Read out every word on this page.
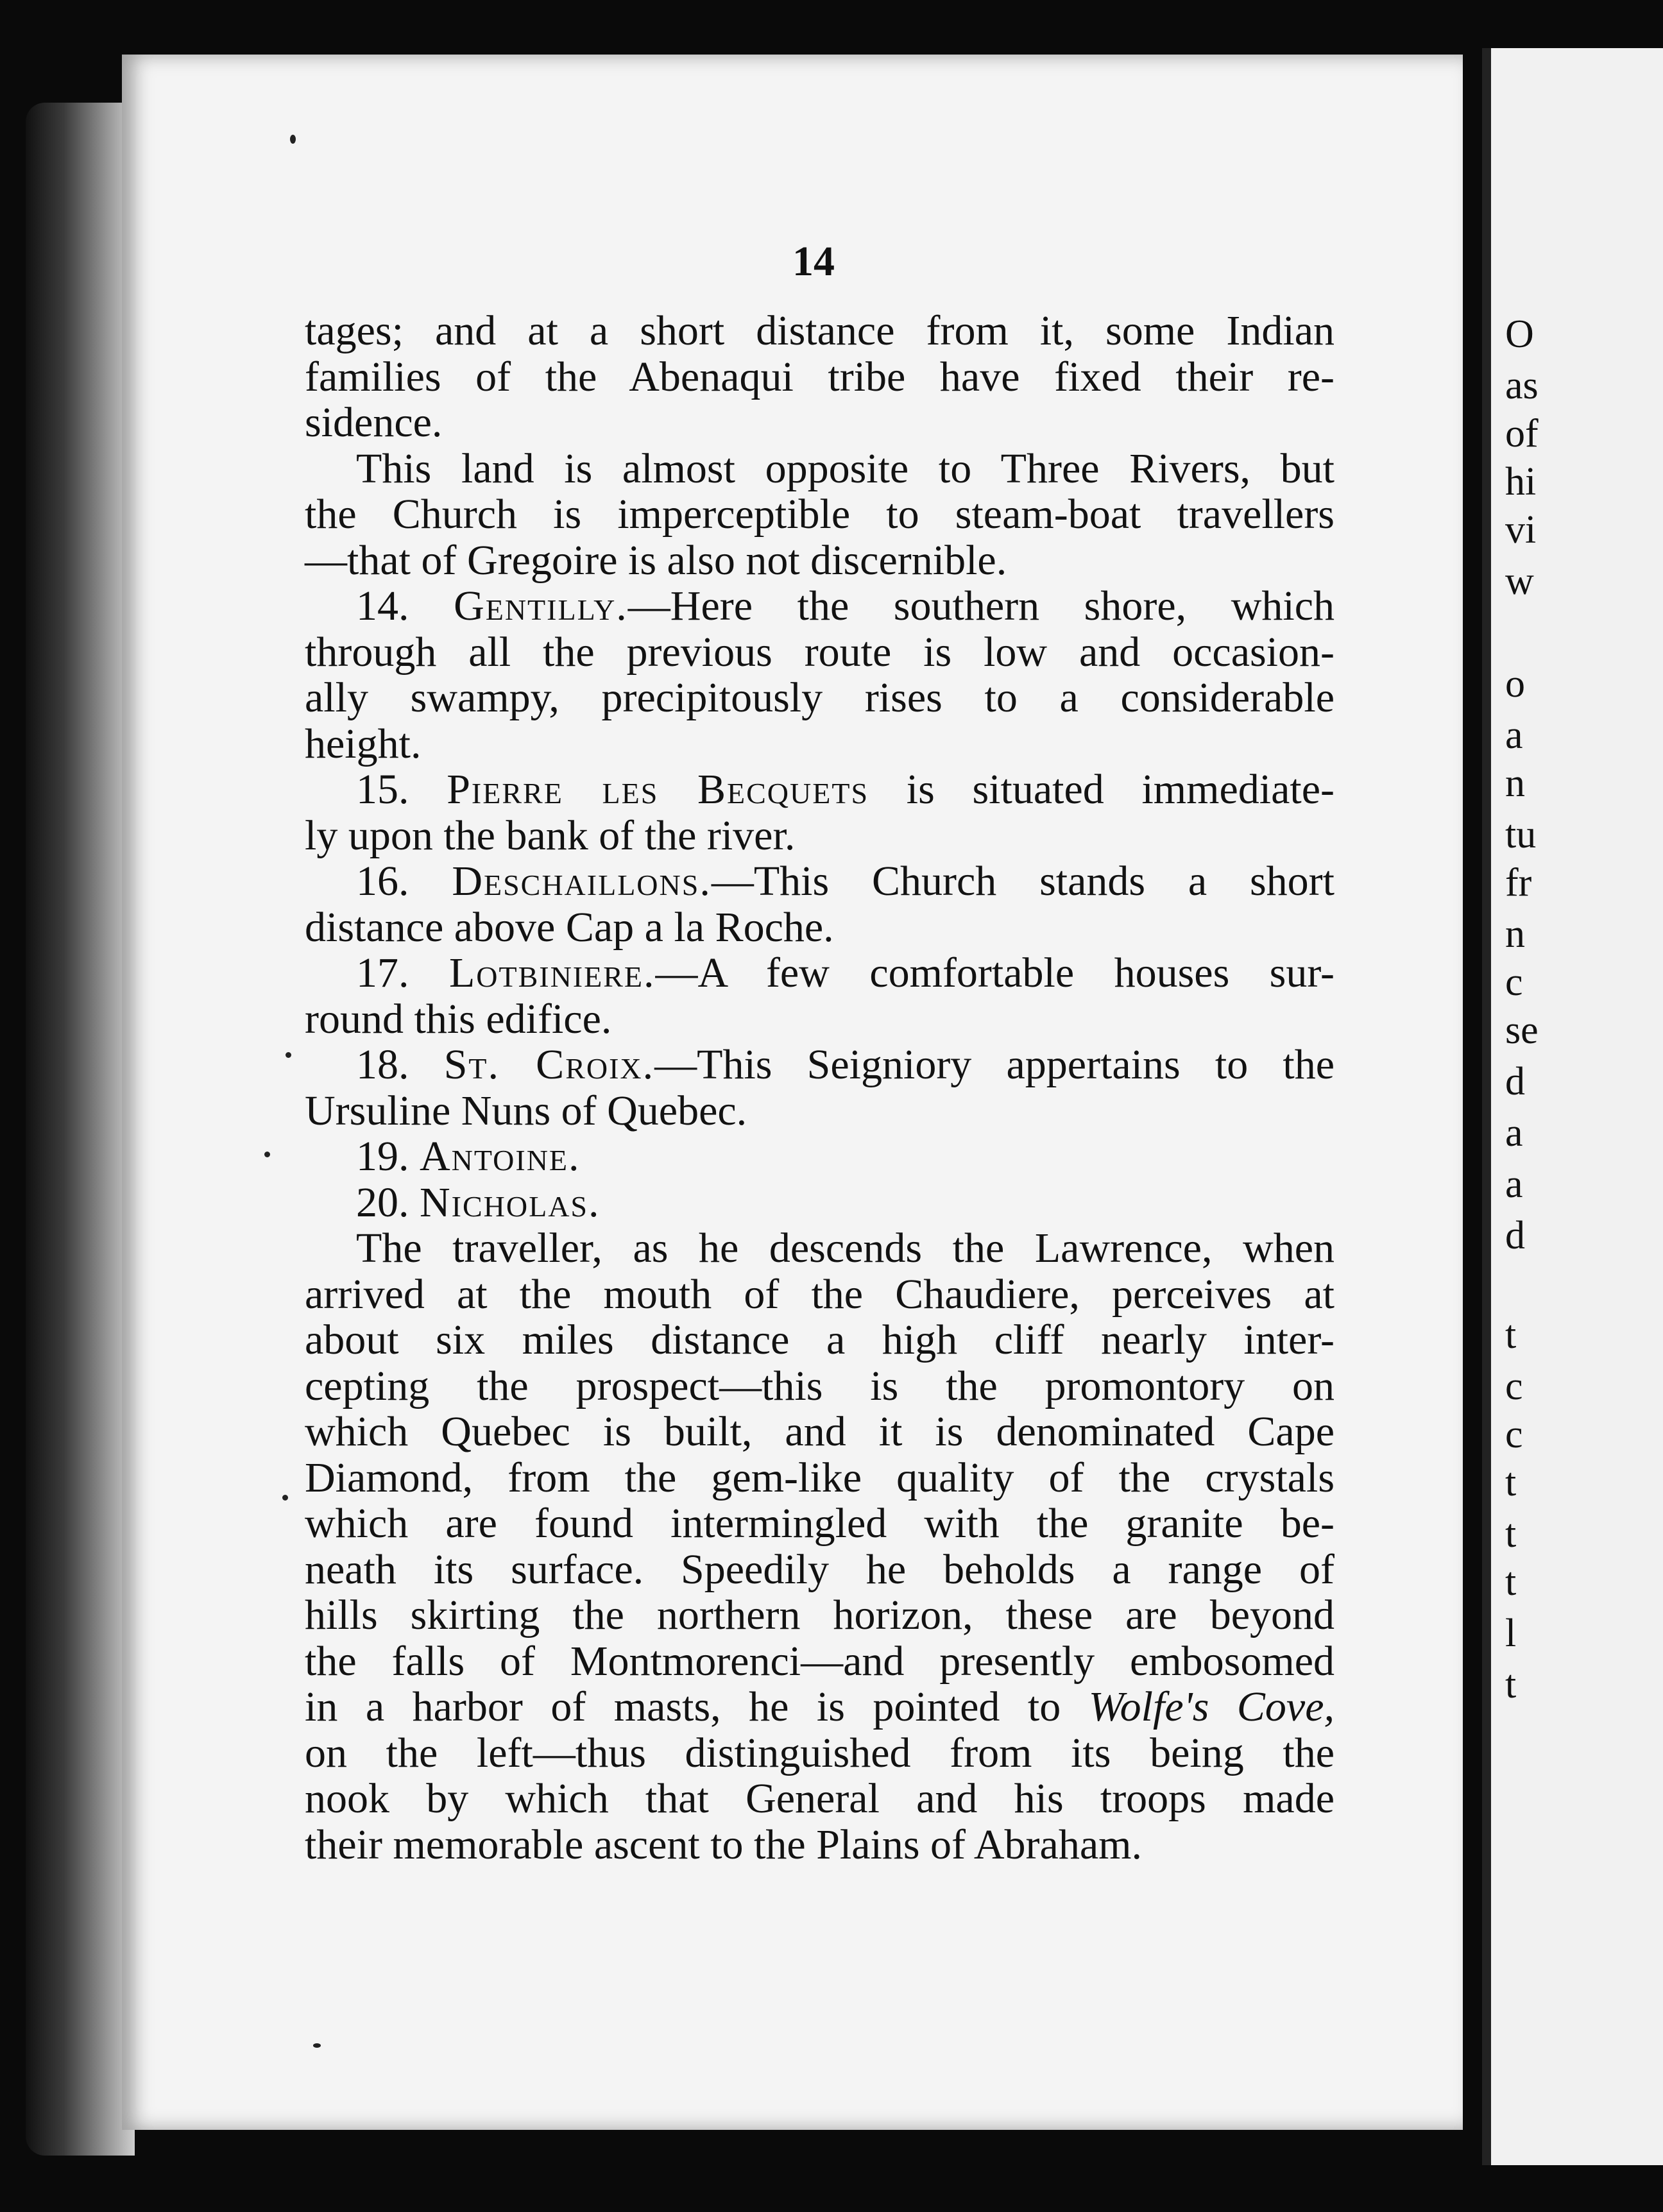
O
as
of
hi
vi
w
o
a
n
tu
fr
n
c
se
d
a
a
d
t
c
c
t
t
t
l
t
14
tages; and at a short distance from it, some Indian
families of the Abenaqui tribe have fixed their re-
sidence.
This land is almost opposite to Three Rivers, but
the Church is imperceptible to steam-boat travellers
—that of Gregoire is also not discernible.
14. Gentilly.—Here the southern shore, which
through all the previous route is low and occasion-
ally swampy, precipitously rises to a considerable
height.
15. Pierre les Becquets is situated immediate-
ly upon the bank of the river.
16. Deschaillons.—This Church stands a short
distance above Cap a la Roche.
17. Lotbiniere.—A few comfortable houses sur-
round this edifice.
18. St. Croix.—This Seigniory appertains to the
Ursuline Nuns of Quebec.
19. Antoine.
20. Nicholas.
The traveller, as he descends the Lawrence, when
arrived at the mouth of the Chaudiere, perceives at
about six miles distance a high cliff nearly inter-
cepting the prospect—this is the promontory on
which Quebec is built, and it is denominated Cape
Diamond, from the gem-like quality of the crystals
which are found intermingled with the granite be-
neath its surface. Speedily he beholds a range of
hills skirting the northern horizon, these are beyond
the falls of Montmorenci—and presently embosomed
in a harbor of masts, he is pointed to Wolfe's Cove,
on the left—thus distinguished from its being the
nook by which that General and his troops made
their memorable ascent to the Plains of Abraham.
